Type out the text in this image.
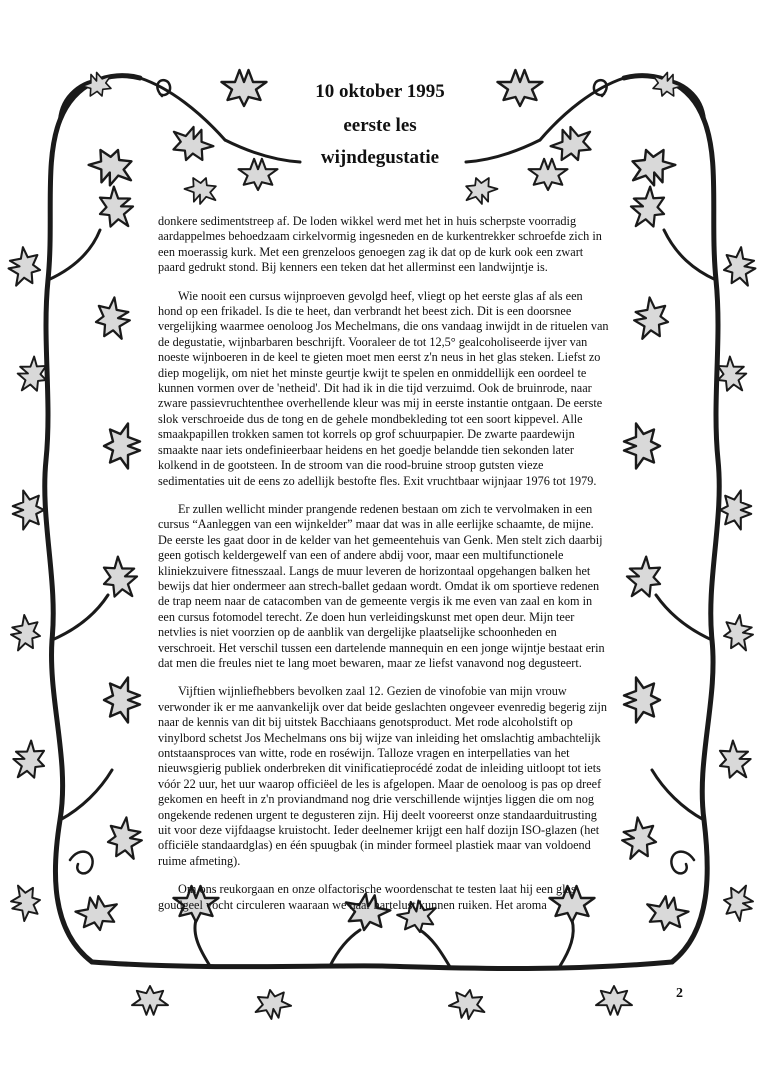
10 oktober 1995
eerste les
wijndegustatie

donkere sedimentstreep af. De loden wikkel werd met het in huis scherpste voorradig aardappelmes behoedzaam cirkelvormig ingesneden en de kurkentrekker schroefde zich in een moerassig kurk. Met een grenzeloos genoegen zag ik dat op de kurk ook een zwart paard gedrukt stond. Bij kenners een teken dat het allerminst een landwijntje is.

Wie nooit een cursus wijnproeven gevolgd heef, vliegt op het eerste glas af als een hond op een frikadel. Is die te heet, dan verbrandt het beest zich. Dit is een doorsnee vergelijking waarmee oenoloog Jos Mechelmans, die ons vandaag inwijdt in de rituelen van de degustatie, wijnbarbaren beschrijft. Vooraleer de tot 12,5° gealcoholiseerde ijver van noeste wijnboeren in de keel te gieten moet men eerst z'n neus in het glas steken. Liefst zo diep mogelijk, om niet het minste geurtje kwijt te spelen en onmiddellijk een oordeel te kunnen vormen over de 'netheid'. Dit had ik in die tijd verzuimd. Ook de bruinrode, naar zware passievruchtenthee overhellende kleur was mij in eerste instantie ontgaan. De eerste slok verschroeide dus de tong en de gehele mondbekleding tot een soort kippevel. Alle smaakpapillen trokken samen tot korrels op grof schuurpapier. De zwarte paardewijn smaakte naar iets ondefinieerbaar heidens en het goedje belandde tien sekonden later kolkend in de gootsteen. In de stroom van die rood-bruine stroop gutsten vieze sedimentaties uit de eens zo adellijk bestofte fles. Exit vruchtbaar wijnjaar 1976 tot 1979.

Er zullen wellicht minder prangende redenen bestaan om zich te vervolmaken in een cursus “Aanleggen van een wijnkelder” maar dat was in alle eerlijke schaamte, de mijne. De eerste les gaat door in de kelder van het gemeentehuis van Genk. Men stelt zich daarbij geen gotisch keldergewelf van een of andere abdij voor, maar een multifunctionele kliniekzuivere fitnesszaal. Langs de muur leveren de horizontaal opgehangen balken het bewijs dat hier ondermeer aan strech-ballet gedaan wordt. Omdat ik om sportieve redenen de trap neem naar de catacomben van de gemeente vergis ik me even van zaal en kom in een cursus fotomodel terecht. Ze doen hun verleidingskunst met open deur. Mijn teer netvlies is niet voorzien op de aanblik van dergelijke plaatselijke schoonheden en verschroeit. Het verschil tussen een dartelende mannequin en een jonge wijntje bestaat erin dat men die freules niet te lang moet bewaren, maar ze liefst vanavond nog degusteert.

Vijftien wijnliefhebbers bevolken zaal 12. Gezien de vinofobie van mijn vrouw verwonder ik er me aanvankelijk over dat beide geslachten ongeveer evenredig begerig zijn naar de kennis van dit bij uitstek Bacchiaans genotsproduct. Met rode alcoholstift op vinylbord schetst Jos Mechelmans ons bij wijze van inleiding het omslachtig ambachtelijk ontstaansproces van witte, rode en roséwijn. Talloze vragen en interpellaties van het nieuwsgierig publiek onderbreken dit vinificatieprocédé zodat de inleiding uitloopt tot iets vóór 22 uur, het uur waarop officiëel de les is afgelopen. Maar de oenoloog is pas op dreef gekomen en heeft in z'n proviandmand nog drie verschillende wijntjes liggen die om nog ongekende redenen urgent te degusteren zijn. Hij deelt vooreerst onze standaarduitrusting uit voor deze vijfdaagse kruistocht. Ieder deelnemer krijgt een half dozijn ISO-glazen (het officiële standaardglas) en één spuugbak (in minder formeel plastiek maar van voldoend ruime afmeting).

Om ons reukorgaan en onze olfactorische woordenschat te testen laat hij een glas goudgeel vocht circuleren waaraan we naar hartelust kunnen ruiken. Het aroma

2
